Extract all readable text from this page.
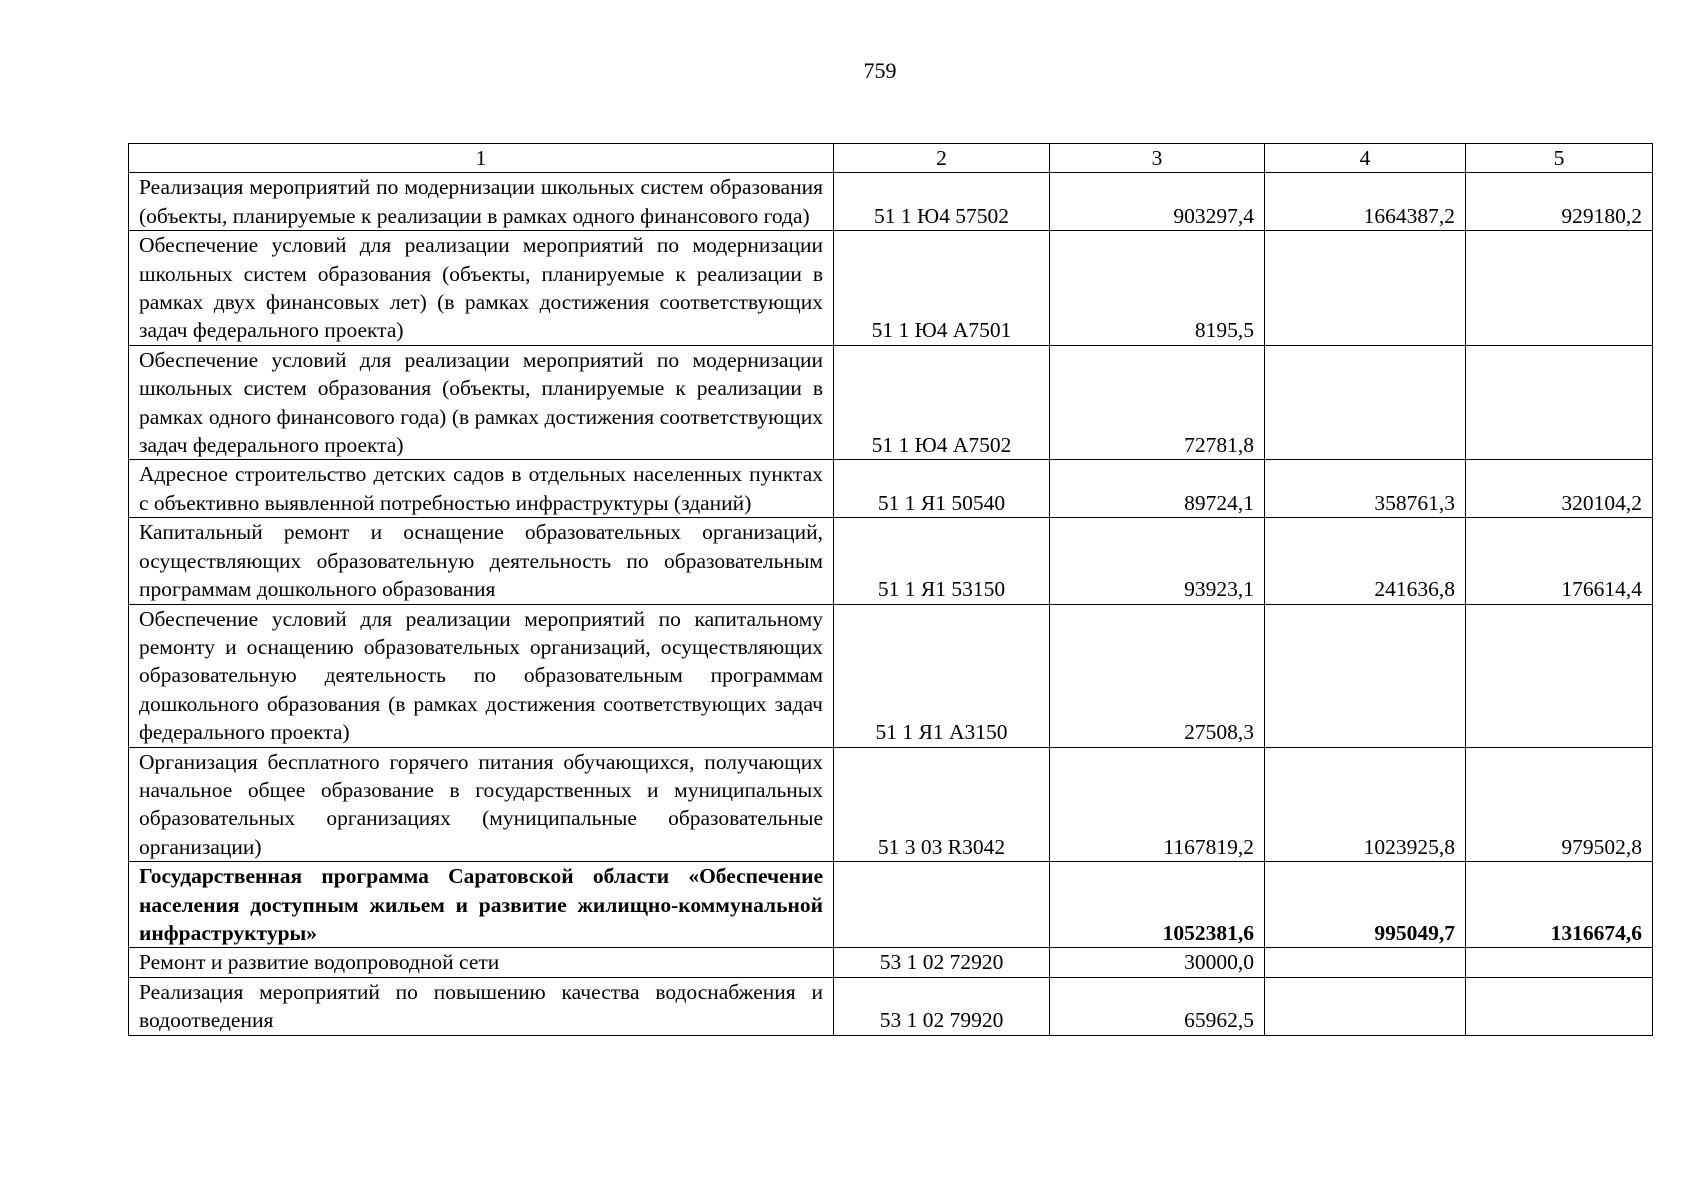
759
1	2	3	4	5
Реализация мероприятий по модернизации школьных систем образования (объекты, планируемые к реализации в рамках одного финансового года)	51 1 Ю4 57502	903297,4	1664387,2	929180,2
Обеспечение условий для реализации мероприятий по модернизации школьных систем образования (объекты, планируемые к реализации в рамках двух финансовых лет) (в рамках достижения соответствующих задач федерального проекта)	51 1 Ю4 А7501	8195,5		
Обеспечение условий для реализации мероприятий по модернизации школьных систем образования (объекты, планируемые к реализации в рамках одного финансового года) (в рамках достижения соответствующих задач федерального проекта)	51 1 Ю4 А7502	72781,8		
Адресное строительство детских садов в отдельных населенных пунктах с объективно выявленной потребностью инфраструктуры (зданий)	51 1 Я1 50540	89724,1	358761,3	320104,2
Капитальный ремонт и оснащение образовательных организаций, осуществляющих образовательную деятельность по образовательным программам дошкольного образования	51 1 Я1 53150	93923,1	241636,8	176614,4
Обеспечение условий для реализации мероприятий по капитальному ремонту и оснащению образовательных организаций, осуществляющих образовательную деятельность по образовательным программам дошкольного образования (в рамках достижения соответствующих задач федерального проекта)	51 1 Я1 А3150	27508,3		
Организация бесплатного горячего питания обучающихся, получающих начальное общее образование в государственных и муниципальных образовательных организациях (муниципальные образовательные организации)	51 3 03 R3042	1167819,2	1023925,8	979502,8
Государственная программа Саратовской области «Обеспечение населения доступным жильем и развитие жилищно-коммунальной инфраструктуры»		1052381,6	995049,7	1316674,6
Ремонт и развитие водопроводной сети	53 1 02 72920	30000,0		
Реализация мероприятий по повышению качества водоснабжения и водоотведения	53 1 02 79920	65962,5		
